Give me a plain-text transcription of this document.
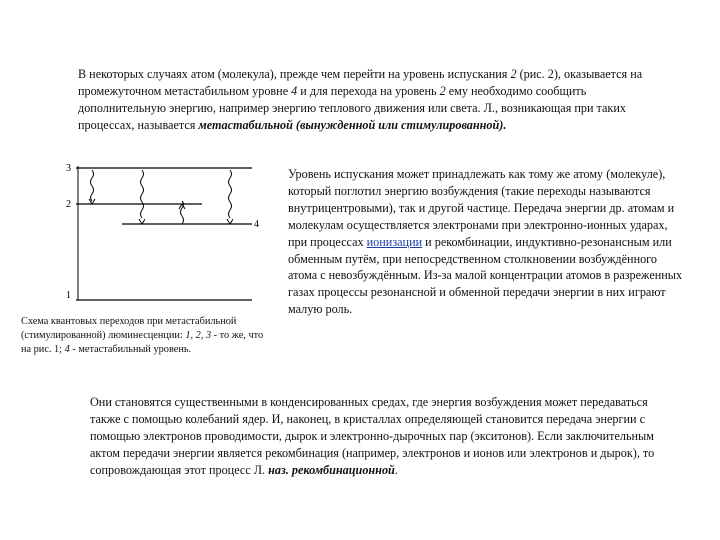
В некоторых случаях атом (молекула), прежде чем перейти на уровень испускания 2 (рис. 2), оказывается на промежуточном метастабильном уровне 4 и для перехода на уровень 2 ему необходимо сообщить дополнительную энергию, например энергию теплового движения или света. Л., возникающая при таких процессах, называется метастабильной (вынужденной или стимулированной).

3
2
4
1

Схема квантовых переходов при метастабильной (стимулированной) люминесценции: 1, 2, 3 - то же, что на рис. 1; 4 - метастабильный уровень.

Уровень испускания может принадлежать как тому же атому (молекуле), который поглотил энергию возбуждения (такие переходы называются внутрицентровыми), так и другой частице. Передача энергии др. атомам и молекулам осуществляется электронами при электронно-ионных ударах, при процессах ионизации и рекомбинации, индуктивно-резонансным или обменным путём, при непосредственном столкновении возбуждённого атома с невозбуждённым. Из-за малой концентрации атомов в разреженных газах процессы резонансной и обменной передачи энергии в них играют малую роль.

Они становятся существенными в конденсированных средах, где энергия возбуждения может передаваться также с помощью колебаний ядер. И, наконец, в кристаллах определяющей становится передача энергии с помощью электронов проводимости, дырок и электронно-дырочных пар (экситонов). Если заключительным актом передачи энергии является рекомбинация (например, электронов и ионов или электронов и дырок), то сопровождающая этот процесс Л. наз. рекомбинационной.
